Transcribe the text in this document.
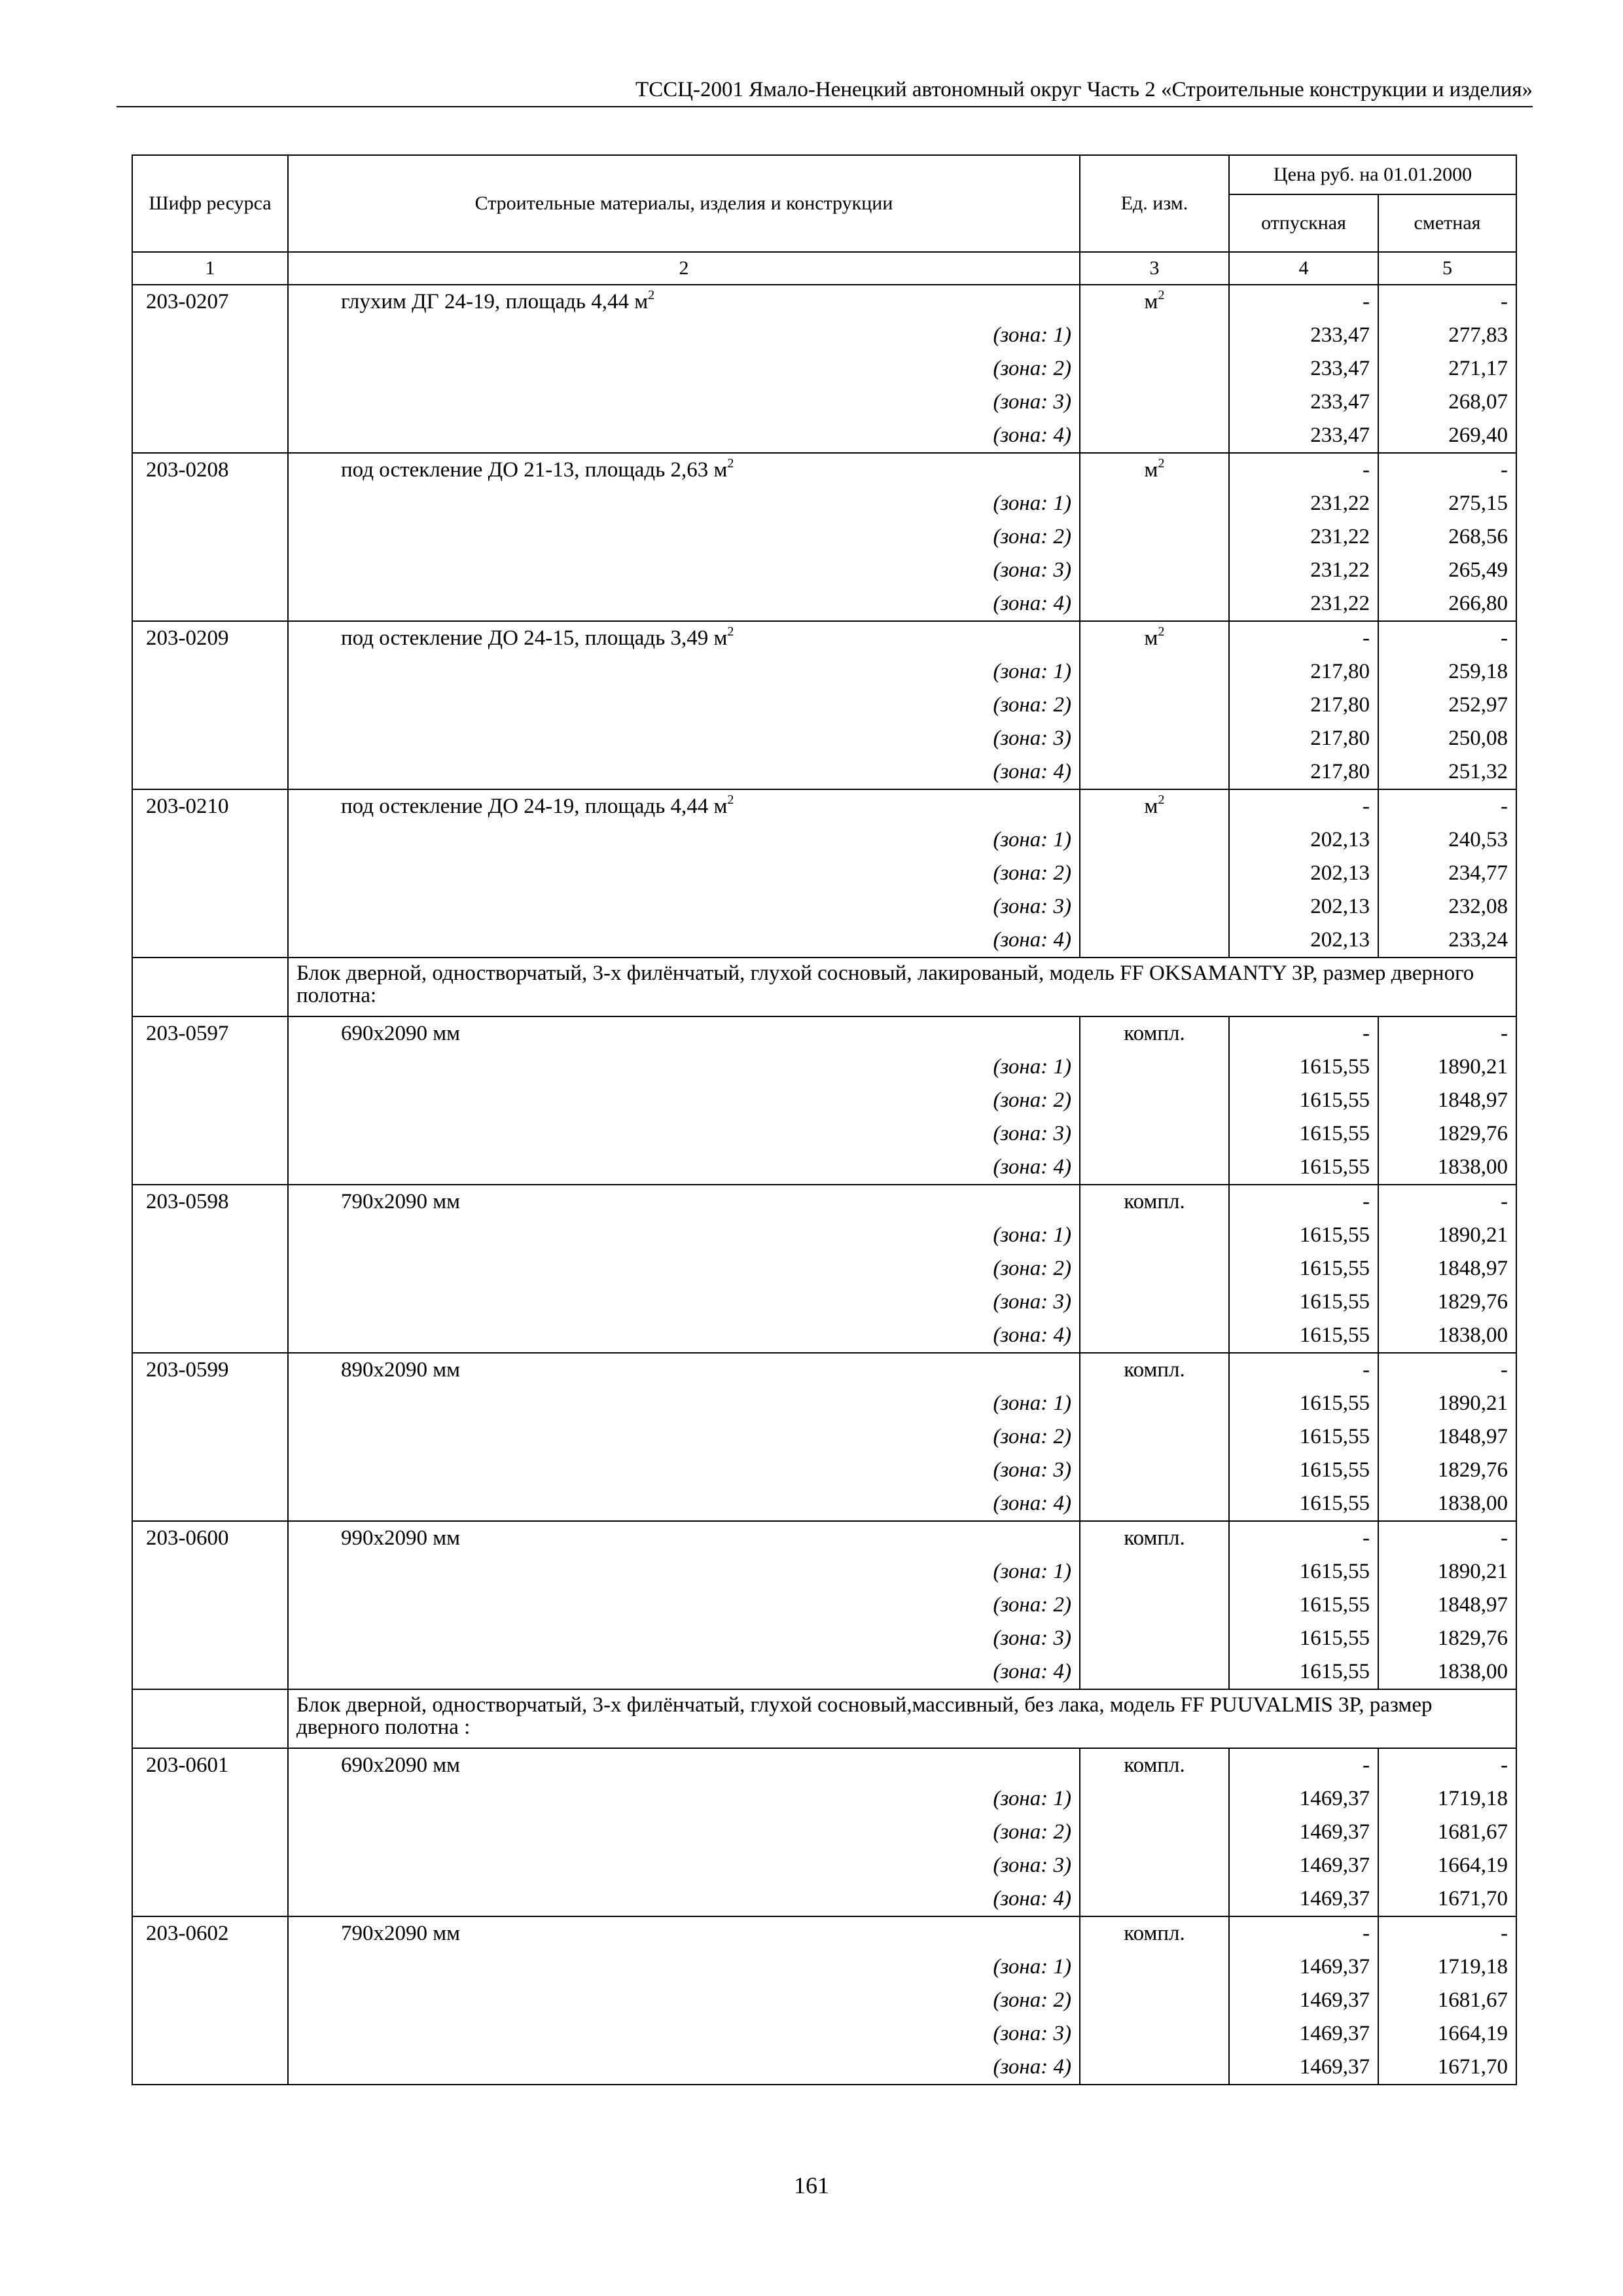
ТССЦ-2001 Ямало-Ненецкий автономный округ Часть 2 «Строительные конструкции и изделия»
Шифр ресурса	Строительные материалы, изделия и конструкции	Ед. изм.	Цена руб. на 01.01.2000	
			отпускная	сметная
1	2	3	4	5
203-0207	глухим ДГ 24-19, площадь 4,44 $м^2$	$м^2$	-	-
	(зона: 1)		233,47	277,83
	(зона: 2)		233,47	271,17
	(зона: 3)		233,47	268,07
	(зона: 4)		233,47	269,40
203-0208	под остекление ДО 21-13, площадь 2,63 $м^2$	$м^2$	-	-
	(зона: 1)		231,22	275,15
	(зона: 2)		231,22	268,56
	(зона: 3)		231,22	265,49
	(зона: 4)		231,22	266,80
203-0209	под остекление ДО 24-15, площадь 3,49 $м^2$	$м^2$	-	-
	(зона: 1)		217,80	259,18
	(зона: 2)		217,80	252,97
	(зона: 3)		217,80	250,08
	(зона: 4)		217,80	251,32
203-0210	под остекление ДО 24-19, площадь 4,44 $м^2$	$м^2$	-	-
	(зона: 1)		202,13	240,53
	(зона: 2)		202,13	234,77
	(зона: 3)		202,13	232,08
	(зона: 4)		202,13	233,24
	Блок дверной, одностворчатый, 3-х филёнчатый, глухой сосновый, лакированый, модель FF OKSAMANTY 3P, размер дверного полотна:			
203-0597	690х2090 мм	компл.	-	-
	(зона: 1)		1615,55	1890,21
	(зона: 2)		1615,55	1848,97
	(зона: 3)		1615,55	1829,76
	(зона: 4)		1615,55	1838,00
203-0598	790х2090 мм	компл.	-	-
	(зона: 1)		1615,55	1890,21
	(зона: 2)		1615,55	1848,97
	(зона: 3)		1615,55	1829,76
	(зона: 4)		1615,55	1838,00
203-0599	890х2090 мм	компл.	-	-
	(зона: 1)		1615,55	1890,21
	(зона: 2)		1615,55	1848,97
	(зона: 3)		1615,55	1829,76
	(зона: 4)		1615,55	1838,00
203-0600	990х2090 мм	компл.	-	-
	(зона: 1)		1615,55	1890,21
	(зона: 2)		1615,55	1848,97
	(зона: 3)		1615,55	1829,76
	(зона: 4)		1615,55	1838,00
	Блок дверной, одностворчатый, 3-х филёнчатый, глухой сосновый,массивный, без лака, модель FF PUUVALMIS 3P, размер дверного полотна :			
203-0601	690х2090 мм	компл.	-	-
	(зона: 1)		1469,37	1719,18
	(зона: 2)		1469,37	1681,67
	(зона: 3)		1469,37	1664,19
	(зона: 4)		1469,37	1671,70
203-0602	790х2090 мм	компл.	-	-
	(зона: 1)		1469,37	1719,18
	(зона: 2)		1469,37	1681,67
	(зона: 3)		1469,37	1664,19
	(зона: 4)		1469,37	1671,70
161
